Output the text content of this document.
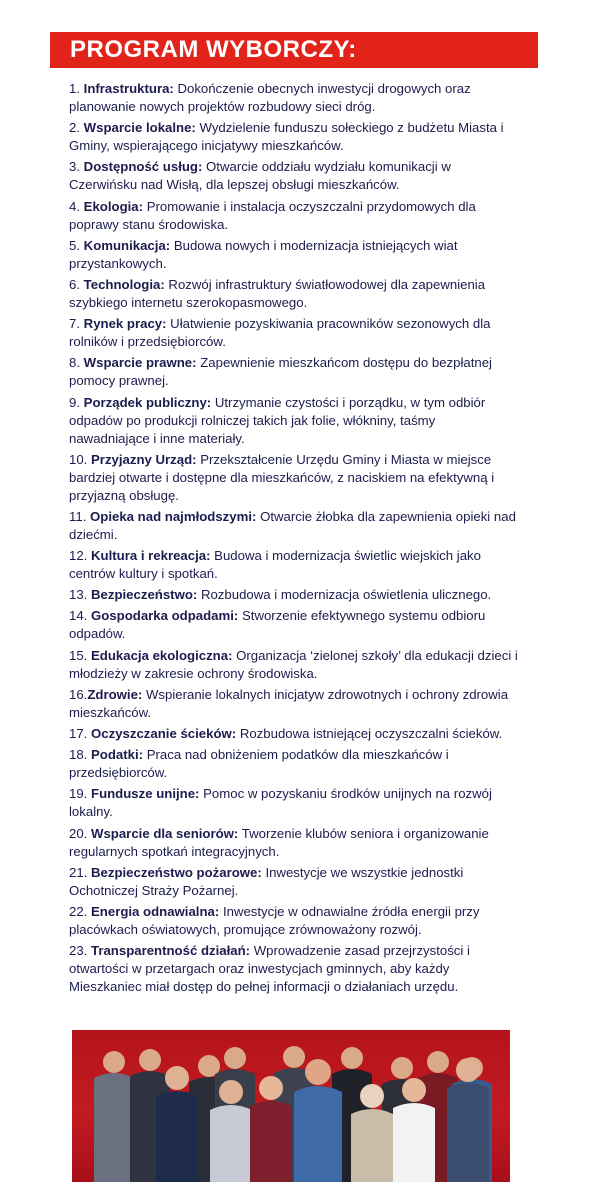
PROGRAM WYBORCZY:
1. Infrastruktura: Dokończenie obecnych inwestycji drogowych oraz planowanie nowych projektów rozbudowy sieci dróg.
2. Wsparcie lokalne: Wydzielenie funduszu sołeckiego z budżetu Miasta i Gminy, wspierającego inicjatywy mieszkańców.
3. Dostępność usług: Otwarcie oddziału wydziału komunikacji w Czerwińsku nad Wisłą, dla lepszej obsługi mieszkańców.
4. Ekologia: Promowanie i instalacja oczyszczalni przydomowych dla poprawy stanu środowiska.
5. Komunikacja: Budowa nowych i modernizacja istniejących wiat przystankowych.
6. Technologia: Rozwój infrastruktury światłowodowej dla zapewnienia szybkiego internetu szerokopasmowego.
7. Rynek pracy: Ułatwienie pozyskiwania pracowników sezonowych dla rolników i przedsiębiorców.
8. Wsparcie prawne: Zapewnienie mieszkańcom dostępu do bezpłatnej pomocy prawnej.
9. Porządek publiczny: Utrzymanie czystości i porządku, w tym odbiór odpadów po produkcji rolniczej takich jak folie, włókniny, taśmy nawadniające i inne materiały.
10. Przyjazny Urząd: Przekształcenie Urzędu Gminy i Miasta w miejsce bardziej otwarte i dostępne dla mieszkańców, z naciskiem na efektywną i przyjazną obsługę.
11. Opieka nad najmłodszymi: Otwarcie żłobka dla zapewnienia opieki nad dziećmi.
12. Kultura i rekreacja: Budowa i modernizacja świetlic wiejskich jako centrów kultury i spotkań.
13. Bezpieczeństwo: Rozbudowa i modernizacja oświetlenia ulicznego.
14. Gospodarka odpadami: Stworzenie efektywnego systemu odbioru odpadów.
15. Edukacja ekologiczna: Organizacja ‘zielonej szkoły’ dla edukacji dzieci i młodzieży w zakresie ochrony środowiska.
16.Zdrowie: Wspieranie lokalnych inicjatyw zdrowotnych i ochrony zdrowia mieszkańców.
17. Oczyszczanie ścieków: Rozbudowa istniejącej oczyszczalni ścieków.
18. Podatki: Praca nad obniżeniem podatków dla mieszkańców i przedsiębiorców.
19. Fundusze unijne: Pomoc w pozyskaniu środków unijnych na rozwój lokalny.
20. Wsparcie dla seniorów: Tworzenie klubów seniora i organizowanie regularnych spotkań integracyjnych.
21. Bezpieczeństwo pożarowe: Inwestycje we wszystkie jednostki Ochotniczej Straży Pożarnej.
22. Energia odnawialna: Inwestycje w odnawialne źródła energii przy placówkach oświatowych, promujące zrównoważony rozwój.
23. Transparentność działań: Wprowadzenie zasad przejrzystości i otwartości w przetargach oraz inwestycjach gminnych, aby każdy Mieszkaniec miał dostęp do pełnej informacji o działaniach urzędu.
